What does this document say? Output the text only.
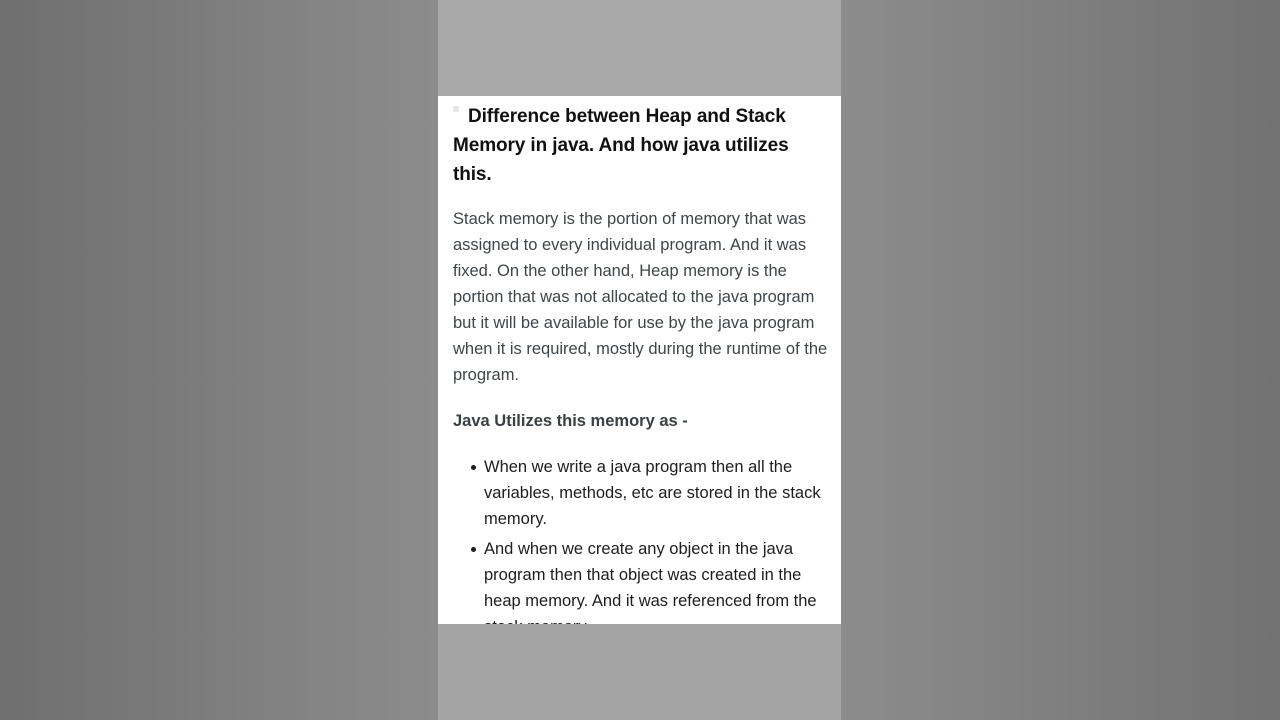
Difference between Heap and Stack Memory in java. And how java utilizes this.

Stack memory is the portion of memory that was assigned to every individual program. And it was fixed. On the other hand, Heap memory is the portion that was not allocated to the java program but it will be available for use by the java program when it is required, mostly during the runtime of the program.

Java Utilizes this memory as -

When we write a java program then all the variables, methods, etc are stored in the stack memory.
And when we create any object in the java program then that object was created in the heap memory. And it was referenced from the
